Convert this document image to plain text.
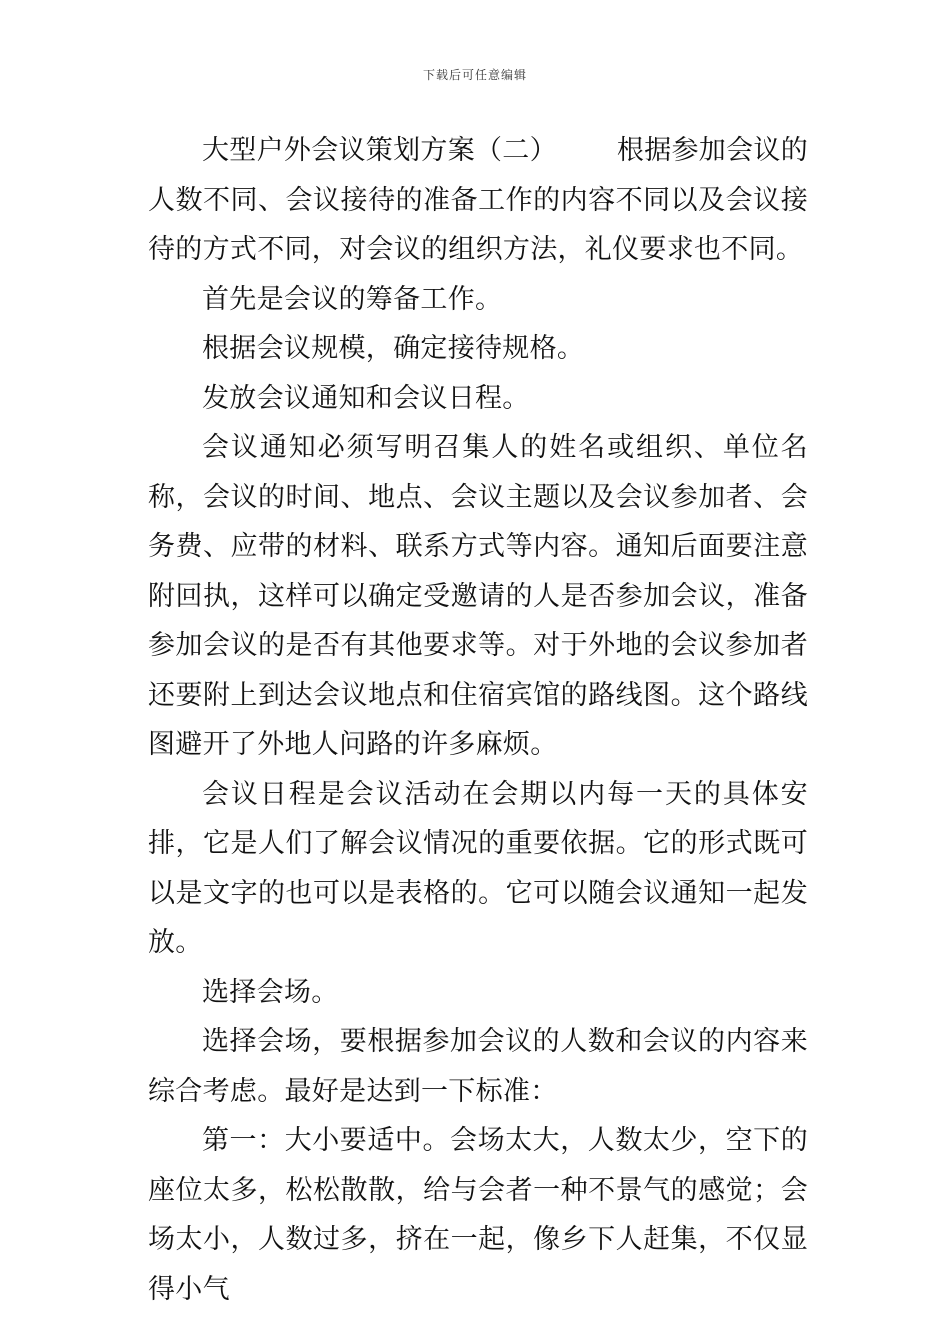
下载后可任意编辑

大型户外会议策划方案（二） 根据参加会议的人数不同、会议接待的准备工作的内容不同以及会议接待的方式不同，对会议的组织方法，礼仪要求也不同。

首先是会议的筹备工作。

根据会议规模，确定接待规格。

发放会议通知和会议日程。

会议通知必须写明召集人的姓名或组织、单位名称，会议的时间、地点、会议主题以及会议参加者、会务费、应带的材料、联系方式等内容。通知后面要注意附回执，这样可以确定受邀请的人是否参加会议，准备参加会议的是否有其他要求等。对于外地的会议参加者还要附上到达会议地点和住宿宾馆的路线图。这个路线图避开了外地人问路的许多麻烦。

会议日程是会议活动在会期以内每一天的具体安排，它是人们了解会议情况的重要依据。它的形式既可以是文字的也可以是表格的。它可以随会议通知一起发放。

选择会场。

选择会场，要根据参加会议的人数和会议的内容来综合考虑。最好是达到一下标准：

第一：大小要适中。会场太大，人数太少，空下的座位太多，松松散散，给与会者一种不景气的感觉；会场太小，人数过多，挤在一起，像乡下人赶集，不仅显得小气
